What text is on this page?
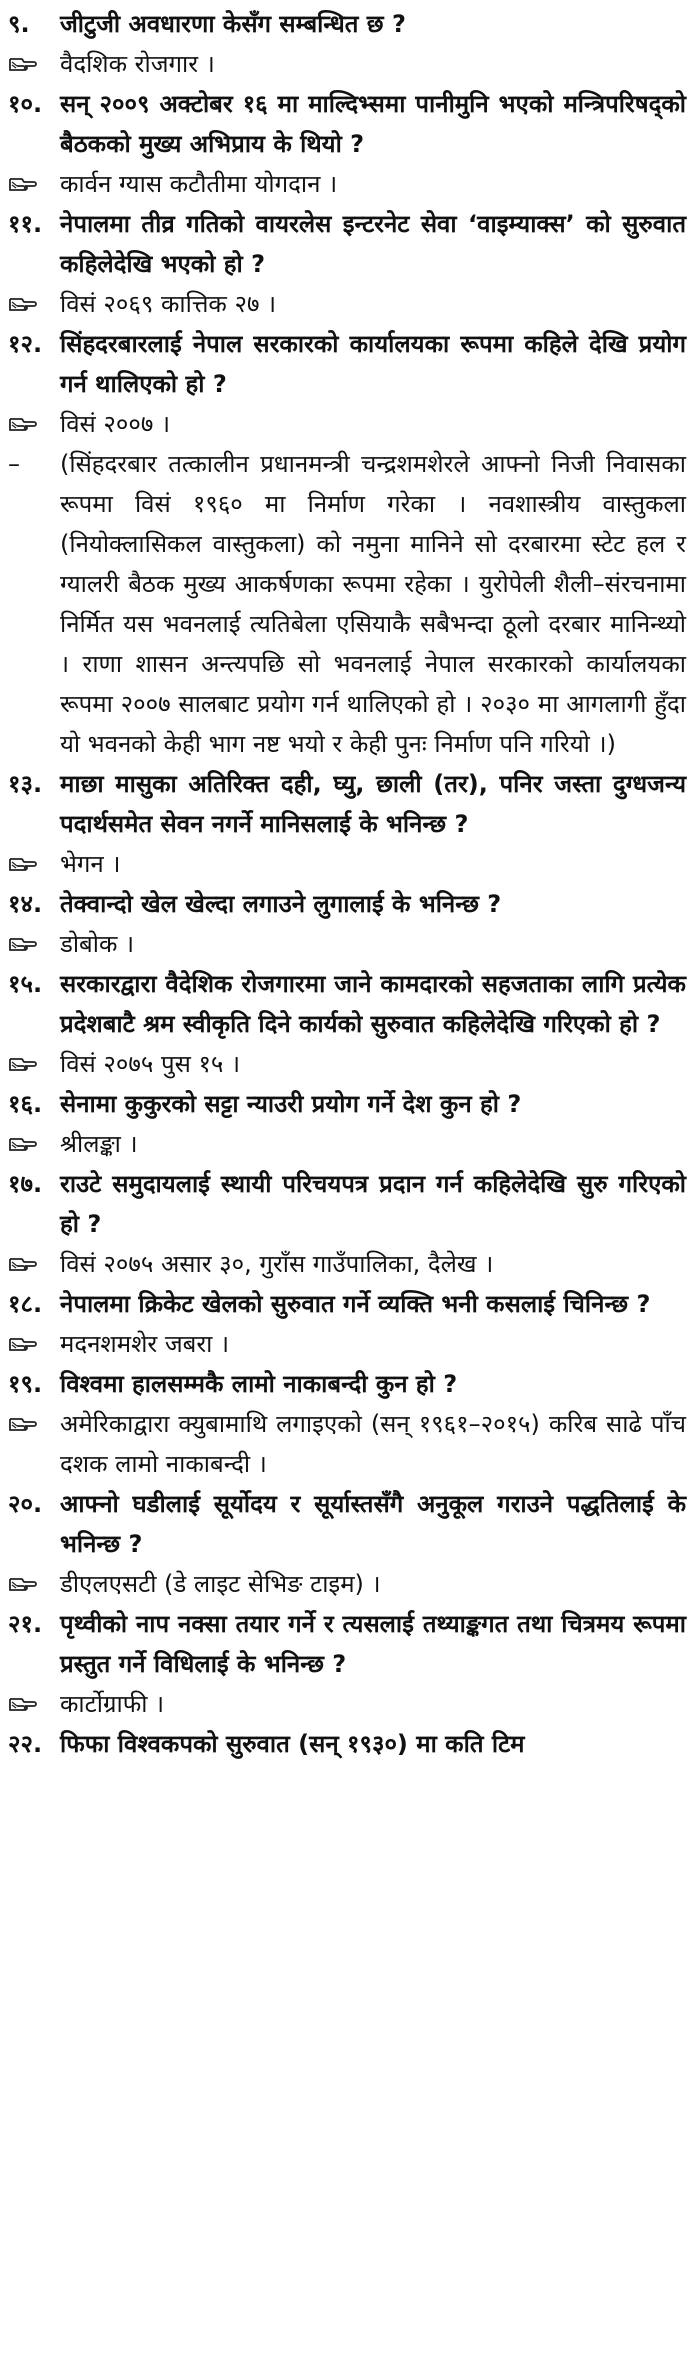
९.	जीटुजी अवधारणा केसँग सम्बन्धित छ ?
वैदशिक रोजगार ।
१०. सन् २००९ अक्टोबर १६ मा माल्दिभ्समा पानीमुनि भएको मन्त्रिपरिषद्को बैठकको मुख्य अभिप्राय के थियो ?
कार्वन ग्यास कटौतीमा योगदान ।
११. नेपालमा तीव्र गतिको वायरलेस इन्टरनेट सेवा ‘वाइम्याक्स’ को सुरुवात कहिलेदेखि भएको हो ?
विसं २०६९ कात्तिक २७ ।
१२. सिंहदरबारलाई नेपाल सरकारको कार्यालयका रूपमा कहिले देखि प्रयोग गर्न थालिएको हो ?
विसं २००७ ।
–	(सिंहदरबार तत्कालीन प्रधानमन्त्री चन्द्रशमशेरले आफ्नो निजी निवासका रूपमा विसं १९६० मा निर्माण गरेका । नवशास्त्रीय वास्तुकला (नियोक्लासिकल वास्तुकला) को नमुना मानिने सो दरबारमा स्टेट हल र ग्यालरी बैठक मुख्य आकर्षणका रूपमा रहेका । युरोपेली शैली–संरचनामा निर्मित यस भवनलाई त्यतिबेला एसियाकै सबैभन्दा ठूलो दरबार मानिन्थ्यो । राणा शासन अन्त्यपछि सो भवनलाई नेपाल सरकारको कार्यालयका रूपमा २००७ सालबाट प्रयोग गर्न थालिएको हो । २०३० मा आगलागी हुँदा यो भवनको केही भाग नष्ट भयो र केही पुनः निर्माण पनि गरियो ।)
१३. माछा मासुका अतिरिक्त दही, घ्यु, छाली (तर), पनिर जस्ता दुग्धजन्य पदार्थसमेत सेवन नगर्ने मानिसलाई के भनिन्छ ?
भेगन ।
१४. तेक्वान्दो खेल खेल्दा लगाउने लुगालाई के भनिन्छ ?
डोबोक ।
१५. सरकारद्वारा वैदेशिक रोजगारमा जाने कामदारको सहजताका लागि प्रत्येक प्रदेशबाटै श्रम स्वीकृति दिने कार्यको सुरुवात कहिलेदेखि गरिएको हो ?
विसं २०७५ पुस १५ ।
१६. सेनामा कुकुरको सट्टा न्याउरी प्रयोग गर्ने देश कुन हो ?
श्रीलङ्का ।
१७. राउटे समुदायलाई स्थायी परिचयपत्र प्रदान गर्न कहिलेदेखि सुरु गरिएको हो ?
विसं २०७५ असार ३०, गुराँस गाउँपालिका, दैलेख ।
१८. नेपालमा क्रिकेट खेलको सुरुवात गर्ने व्यक्ति भनी कसलाई चिनिन्छ ?
मदनशमशेर जबरा ।
१९. विश्वमा हालसम्मकै लामो नाकाबन्दी कुन हो ?
अमेरिकाद्वारा क्युबामाथि लगाइएको (सन् १९६१–२०१५) करिब साढे पाँच दशक लामो नाकाबन्दी ।
२०. आफ्नो घडीलाई सूर्योदय र सूर्यास्तसँगै अनुकूल गराउने पद्धतिलाई के भनिन्छ ?
डीएलएसटी (डे लाइट सेभिङ टाइम) ।
२१. पृथ्वीको नाप नक्सा तयार गर्ने र त्यसलाई तथ्याङ्कगत तथा चित्रमय रूपमा प्रस्तुत गर्ने विधिलाई के भनिन्छ ?
कार्टोग्राफी ।
२२. फिफा विश्वकपको सुरुवात (सन् १९३०) मा कति टिम
